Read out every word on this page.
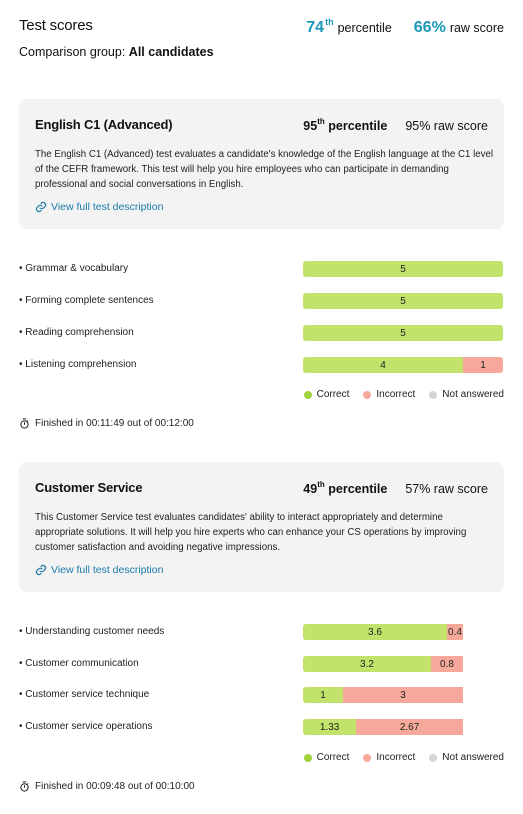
Test scores
Comparison group: All candidates
74th percentile 66% raw score
English C1 (Advanced)	95th percentile 95% raw score
The English C1 (Advanced) test evaluates a candidate's knowledge of the English language at the C1 level of the CEFR framework. This test will help you hire employees who can participate in demanding professional and social conversations in English.
View full test description
• Grammar & vocabulary	5
• Forming complete sentences	5
• Reading comprehension	5
• Listening comprehension	4	1
Correct	Incorrect	Not answered
Finished in 00:11:49 out of 00:12:00
Customer Service	49th percentile 57% raw score
This Customer Service test evaluates candidates' ability to interact appropriately and determine appropriate solutions. It will help you hire experts who can enhance your CS operations by improving customer satisfaction and avoiding negative impressions.
View full test description
• Understanding customer needs	3.6	0.4
• Customer communication	3.2	0.8
• Customer service technique	1	3
• Customer service operations	1.33	2.67
Correct	Incorrect	Not answered
Finished in 00:09:48 out of 00:10:00
